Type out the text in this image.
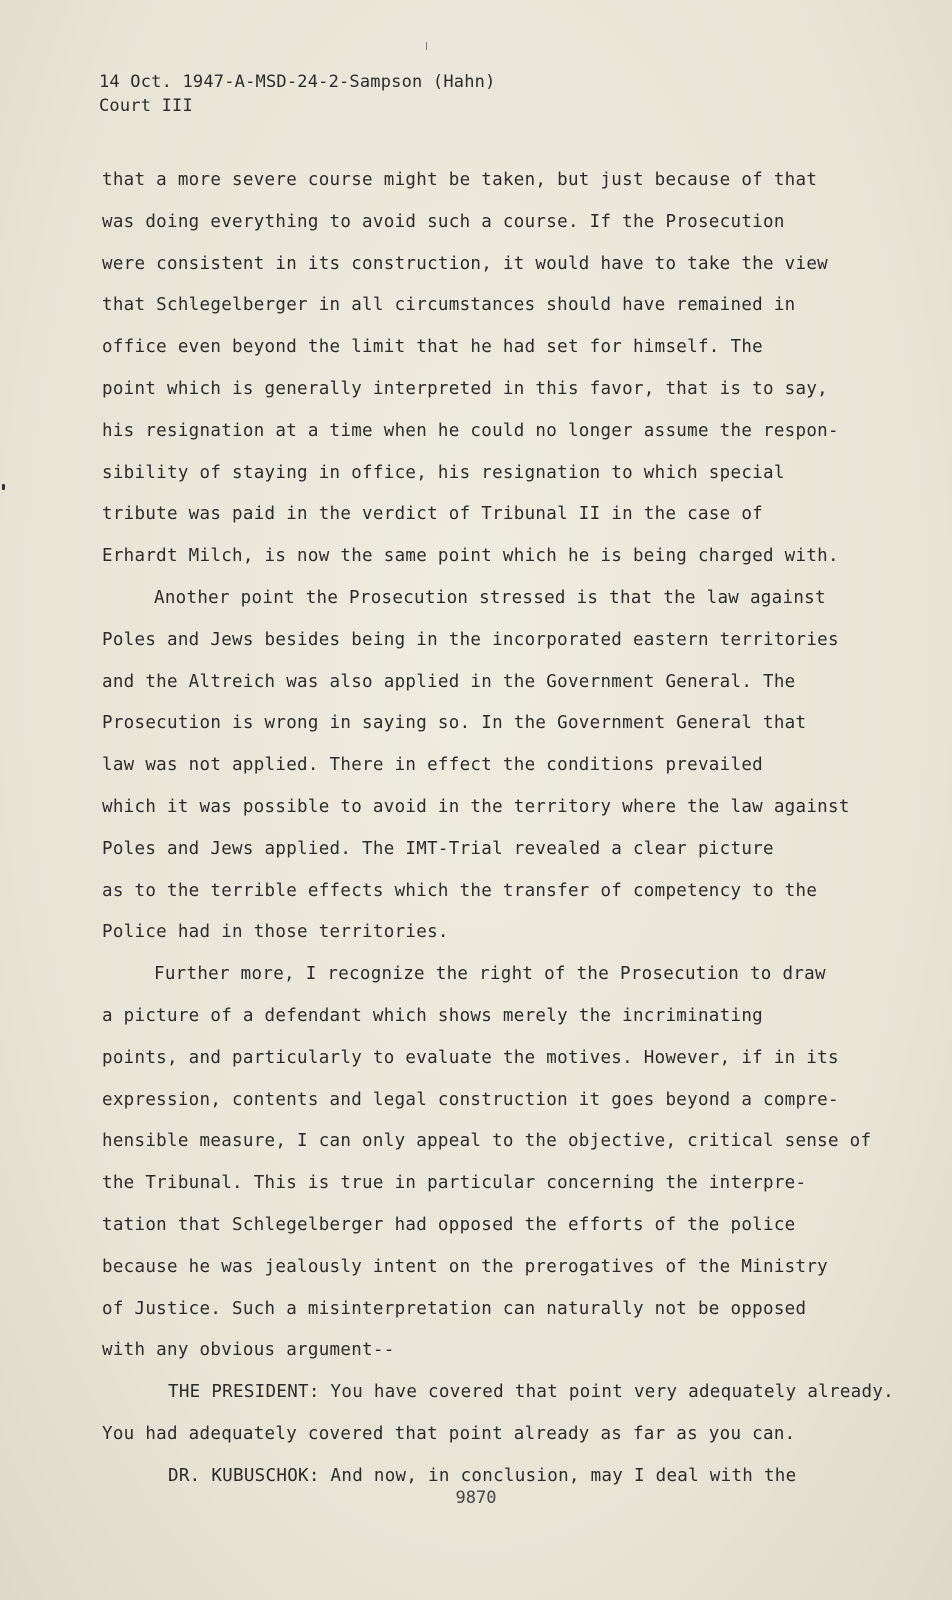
14 Oct. 1947-A-MSD-24-2-Sampson (Hahn)
Court III
that a more severe course might be taken, but just because of that
was doing everything to avoid such a course. If the Prosecution
were consistent in its construction, it would have to take the view
that Schlegelberger in all circumstances should have remained in
office even beyond the limit that he had set for himself. The
point which is generally interpreted in this favor, that is to say,
his resignation at a time when he could no longer assume the respon-
sibility of staying in office, his resignation to which special
tribute was paid in the verdict of Tribunal II in the case of
Erhardt Milch, is now the same point which he is being charged with.
Another point the Prosecution stressed is that the law against
Poles and Jews besides being in the incorporated eastern territories
and the Altreich was also applied in the Government General. The
Prosecution is wrong in saying so. In the Government General that
law was not applied. There in effect the conditions prevailed
which it was possible to avoid in the territory where the law against
Poles and Jews applied. The IMT-Trial revealed a clear picture
as to the terrible effects which the transfer of competency to the
Police had in those territories.
Further more, I recognize the right of the Prosecution to draw
a picture of a defendant which shows merely the incriminating
points, and particularly to evaluate the motives. However, if in its
expression, contents and legal construction it goes beyond a compre-
hensible measure, I can only appeal to the objective, critical sense of
the Tribunal. This is true in particular concerning the interpre-
tation that Schlegelberger had opposed the efforts of the police
because he was jealously intent on the prerogatives of the Ministry
of Justice. Such a misinterpretation can naturally not be opposed
with any obvious argument--
THE PRESIDENT: You have covered that point very adequately already.
You had adequately covered that point already as far as you can.
DR. KUBUSCHOK: And now, in conclusion, may I deal with the
9870
